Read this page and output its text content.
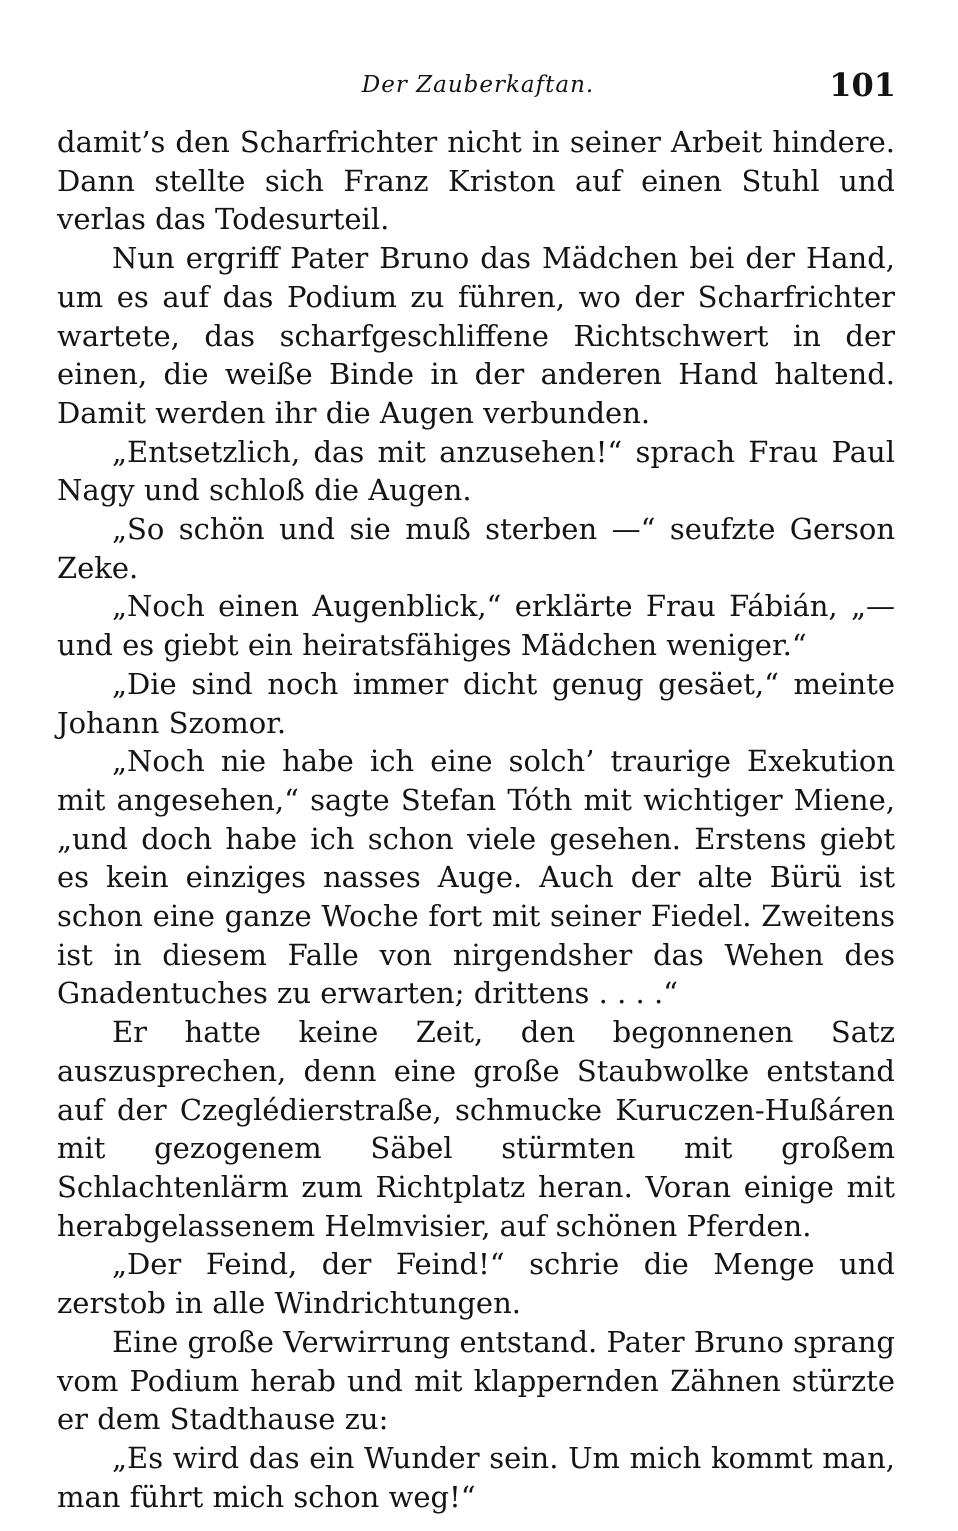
Der Zauberkaftan.	101

damit’s den Scharfrichter nicht in seiner Arbeit hindere. Dann stellte sich Franz Kriston auf einen Stuhl und verlas das Todesurteil.

Nun ergriff Pater Bruno das Mädchen bei der Hand, um es auf das Podium zu führen, wo der Scharfrichter wartete, das scharfgeschliffene Richtschwert in der einen, die weiße Binde in der anderen Hand haltend. Damit werden ihr die Augen verbunden.

„Entsetzlich, das mit anzusehen!“ sprach Frau Paul Nagy und schloß die Augen.

„So schön und sie muß sterben —“ seufzte Gerson Zeke.

„Noch einen Augenblick,“ erklärte Frau Fábián, „— und es giebt ein heiratsfähiges Mädchen weniger.“

„Die sind noch immer dicht genug gesäet,“ meinte Johann Szomor.

„Noch nie habe ich eine solch’ traurige Exekution mit angesehen,“ sagte Stefan Tóth mit wichtiger Miene, „und doch habe ich schon viele gesehen. Erstens giebt es kein einziges nasses Auge. Auch der alte Bürü ist schon eine ganze Woche fort mit seiner Fiedel. Zweitens ist in diesem Falle von nirgendsher das Wehen des Gnadentuches zu erwarten; drittens . . . .“

Er hatte keine Zeit, den begonnenen Satz auszusprechen, denn eine große Staubwolke entstand auf der Czeglédierstraße, schmucke Kuruczen-Hußáren mit gezogenem Säbel stürmten mit großem Schlachtenlärm zum Richtplatz heran. Voran einige mit herabgelassenem Helmvisier, auf schönen Pferden.

„Der Feind, der Feind!“ schrie die Menge und zerstob in alle Windrichtungen.

Eine große Verwirrung entstand. Pater Bruno sprang vom Podium herab und mit klappernden Zähnen stürzte er dem Stadthause zu:

„Es wird das ein Wunder sein. Um mich kommt man, man führt mich schon weg!“
